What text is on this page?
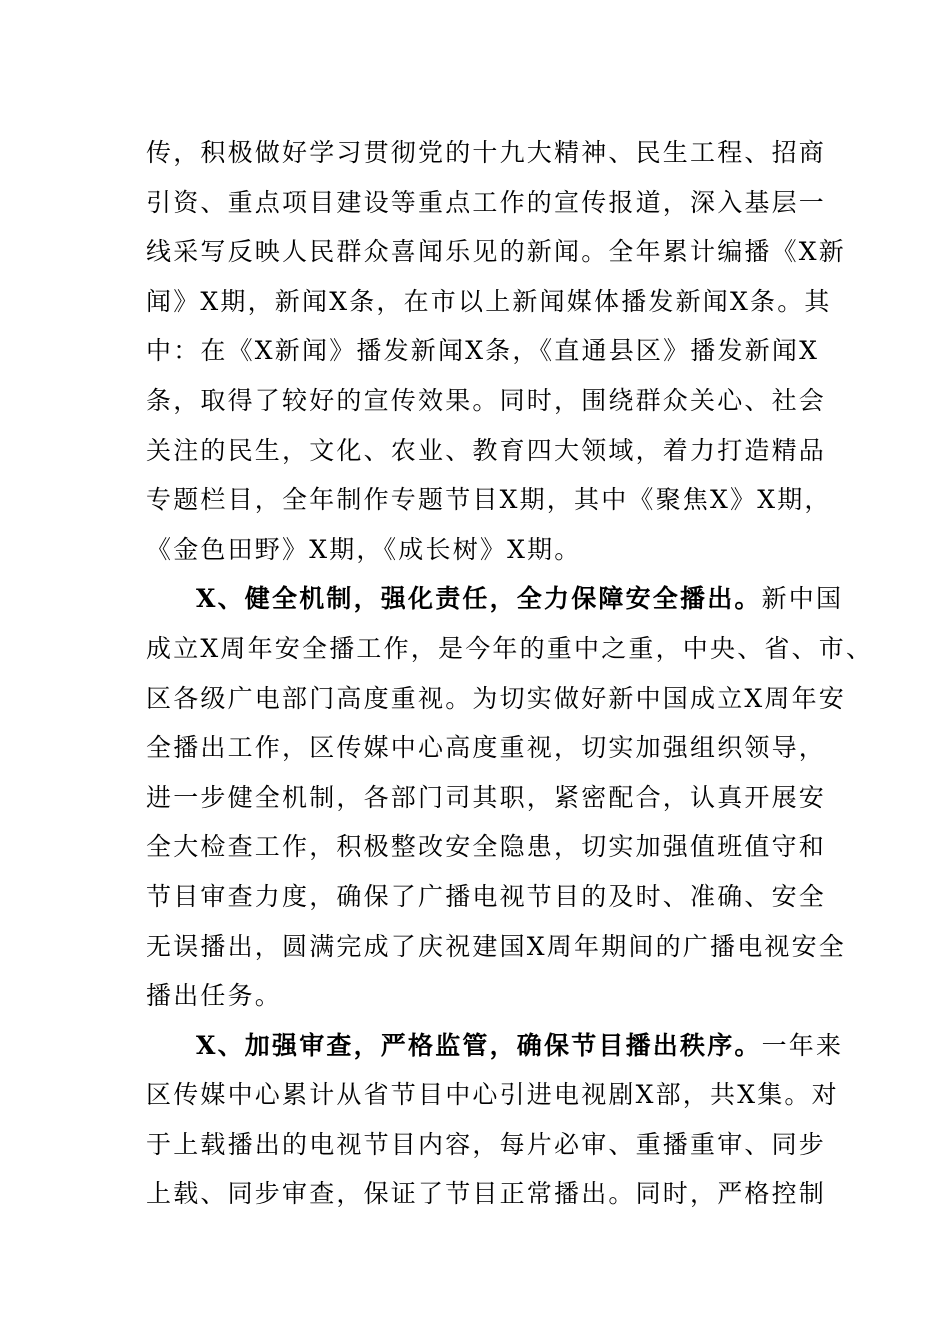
传，积极做好学习贯彻党的十九大精神、民生工程、招商
引资、重点项目建设等重点工作的宣传报道，深入基层一
线采写反映人民群众喜闻乐见的新闻。全年累计编播《X新
闻》X期，新闻X条，在市以上新闻媒体播发新闻X条。其
中：在《X新闻》播发新闻X条，《直通县区》播发新闻X
条，取得了较好的宣传效果。同时，围绕群众关心、社会
关注的民生，文化、农业、教育四大领域，着力打造精品
专题栏目，全年制作专题节目X期，其中《聚焦X》X期，
《金色田野》X期，《成长树》X期。
X、健全机制，强化责任，全力保障安全播出。新中国
成立X周年安全播工作，是今年的重中之重，中央、省、市、
区各级广电部门高度重视。为切实做好新中国成立X周年安
全播出工作，区传媒中心高度重视，切实加强组织领导，
进一步健全机制，各部门司其职，紧密配合，认真开展安
全大检查工作，积极整改安全隐患，切实加强值班值守和
节目审查力度，确保了广播电视节目的及时、准确、安全
无误播出，圆满完成了庆祝建国X周年期间的广播电视安全
播出任务。
X、加强审查，严格监管，确保节目播出秩序。一年来
区传媒中心累计从省节目中心引进电视剧X部，共X集。对
于上载播出的电视节目内容，每片必审、重播重审、同步
上载、同步审查，保证了节目正常播出。同时，严格控制
